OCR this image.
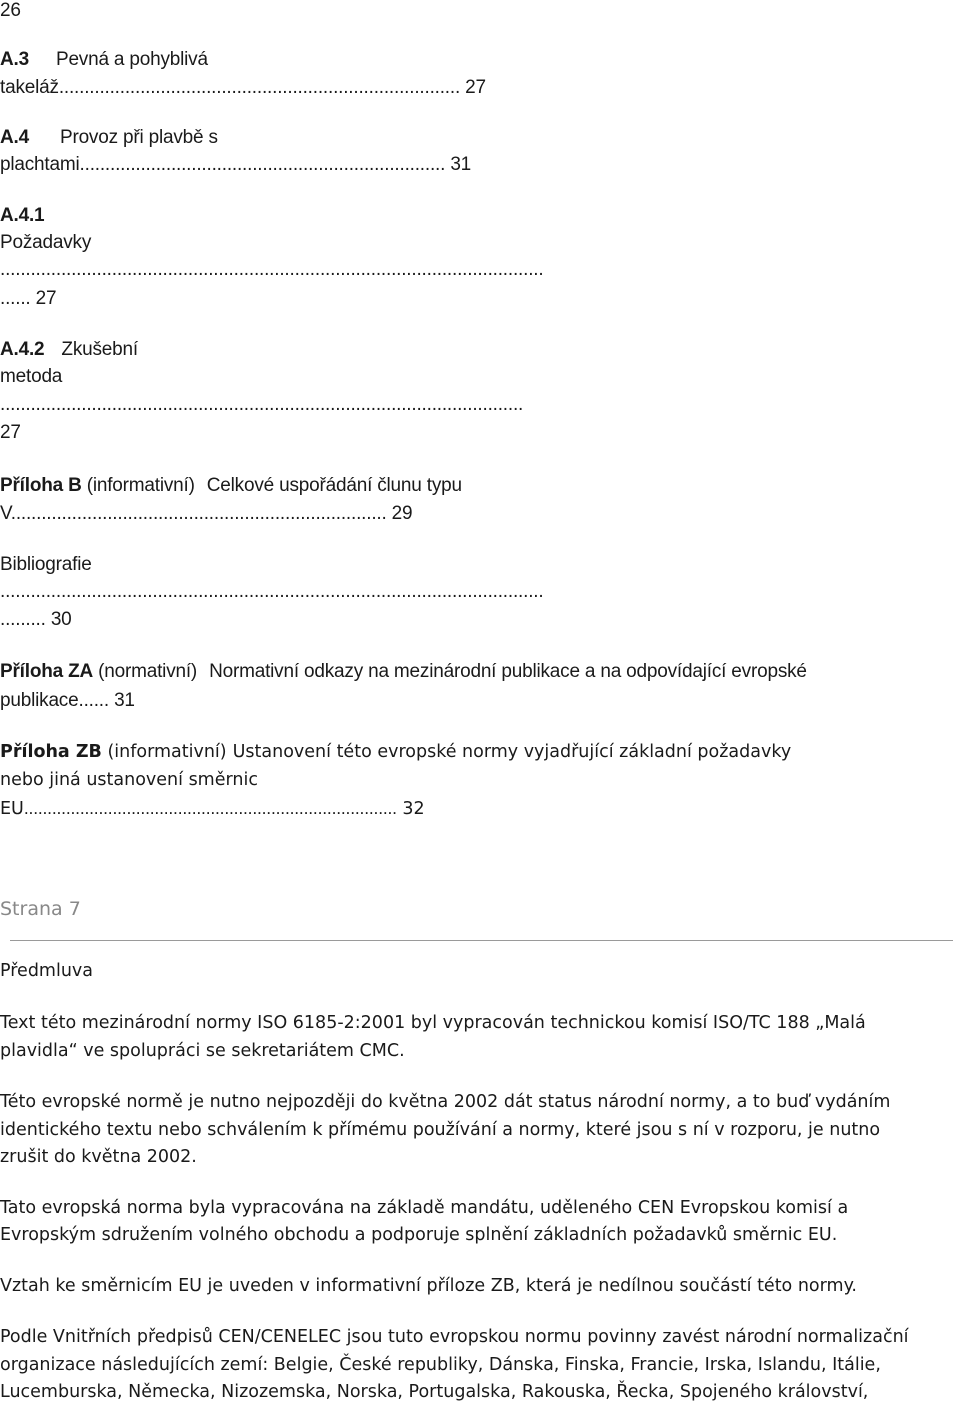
26
A.3 Pevná a pohyblivá
takeláž............................................................................... 27
A.4 Provoz při plavbě s
plachtami........................................................................ 31
A.4.1
Požadavky
...........................................................................................................
...... 27
A.4.2 Zkušební
metoda
.......................................................................................................
27
Příloha B (informativní) Celkové uspořádání člunu typu
V.......................................................................... 29
Bibliografie
...........................................................................................................
......... 30
Příloha ZA (normativní) Normativní odkazy na mezinárodní publikace a na odpovídající evropské
publikace...... 31
Příloha ZB (informativní) Ustanovení této evropské normy vyjadřující základní požadavky
nebo jiná ustanovení směrnic
EU................................................................................ 32
Strana 7
Předmluva
Text této mezinárodní normy ISO 6185-2:2001 byl vypracován technickou komisí ISO/TC 188 „Malá
plavidla“ ve spolupráci se sekretariátem CMC.
Této evropské normě je nutno nejpozději do května 2002 dát status národní normy, a to buď vydáním
identického textu nebo schválením k přímému používání a normy, které jsou s ní v rozporu, je nutno
zrušit do května 2002.
Tato evropská norma byla vypracována na základě mandátu, uděleného CEN Evropskou komisí a
Evropským sdružením volného obchodu a podporuje splnění základních požadavků směrnic EU.
Vztah ke směrnicím EU je uveden v informativní příloze ZB, která je nedílnou součástí této normy.
Podle Vnitřních předpisů CEN/CENELEC jsou tuto evropskou normu povinny zavést národní normalizační
organizace následujících zemí: Belgie, České republiky, Dánska, Finska, Francie, Irska, Islandu, Itálie,
Lucemburska, Německa, Nizozemska, Norska, Portugalska, Rakouska, Řecka, Spojeného království,
